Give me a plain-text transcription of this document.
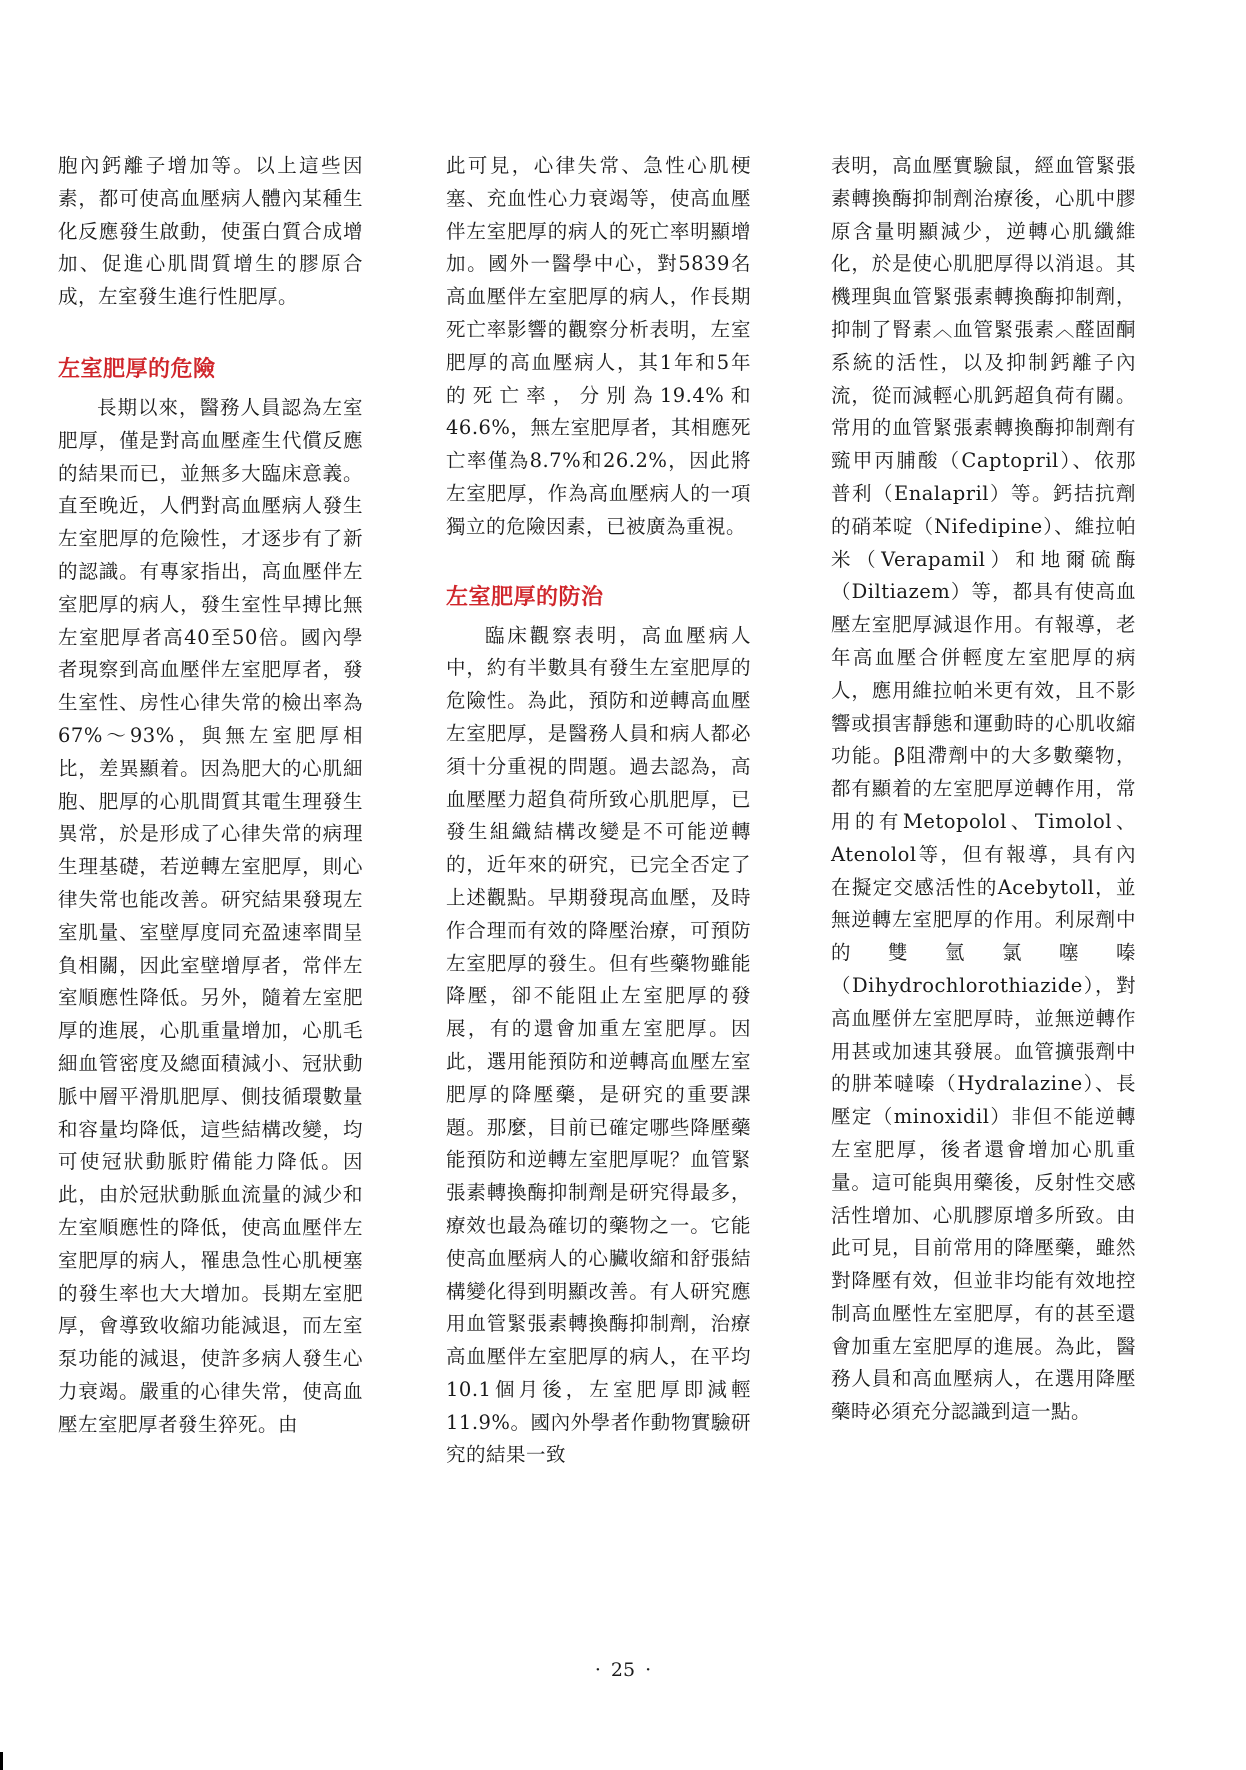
胞內鈣離子增加等。以上這些因素，都可使高血壓病人體內某種生化反應發生啟動，使蛋白質合成增加、促進心肌間質增生的膠原合成，左室發生進行性肥厚。

左室肥厚的危險

長期以來，醫務人員認為左室肥厚，僅是對高血壓產生代償反應的結果而已，並無多大臨床意義。直至晚近，人們對高血壓病人發生左室肥厚的危險性，才逐步有了新的認識。有專家指出，高血壓伴左室肥厚的病人，發生室性早搏比無左室肥厚者高40至50倍。國內學者現察到高血壓伴左室肥厚者，發生室性、房性心律失常的檢出率為67%～93%，與無左室肥厚相比，差異顯着。因為肥大的心肌細胞、肥厚的心肌間質其電生理發生異常，於是形成了心律失常的病理生理基礎，若逆轉左室肥厚，則心律失常也能改善。研究結果發現左室肌量、室壁厚度同充盈速率間呈負相關，因此室壁增厚者，常伴左室順應性降低。另外，隨着左室肥厚的進展，心肌重量增加，心肌毛細血管密度及總面積減小、冠狀動脈中層平滑肌肥厚、側技循環數量和容量均降低，這些結構改變，均可使冠狀動脈貯備能力降低。因此，由於冠狀動脈血流量的減少和左室順應性的降低，使高血壓伴左室肥厚的病人，罹患急性心肌梗塞的發生率也大大增加。長期左室肥厚，會導致收縮功能減退，而左室泵功能的減退，使許多病人發生心力衰竭。嚴重的心律失常，使高血壓左室肥厚者發生猝死。由

此可見，心律失常、急性心肌梗塞、充血性心力衰竭等，使高血壓伴左室肥厚的病人的死亡率明顯增加。國外一醫學中心，對5839名高血壓伴左室肥厚的病人，作長期死亡率影響的觀察分析表明，左室肥厚的高血壓病人，其1年和5年的死亡率，分別為19.4%和46.6%，無左室肥厚者，其相應死亡率僅為8.7%和26.2%，因此將左室肥厚，作為高血壓病人的一項獨立的危險因素，已被廣為重視。

左室肥厚的防治

臨床觀察表明，高血壓病人中，約有半數具有發生左室肥厚的危險性。為此，預防和逆轉高血壓左室肥厚，是醫務人員和病人都必須十分重視的問題。過去認為，高血壓壓力超負荷所致心肌肥厚，已發生組織結構改變是不可能逆轉的，近年來的研究，已完全否定了上述觀點。早期發現高血壓，及時作合理而有效的降壓治療，可預防左室肥厚的發生。但有些藥物雖能降壓，卻不能阻止左室肥厚的發展，有的還會加重左室肥厚。因此，選用能預防和逆轉高血壓左室肥厚的降壓藥，是研究的重要課題。那麼，目前已確定哪些降壓藥能預防和逆轉左室肥厚呢？血管緊張素轉換酶抑制劑是研究得最多，療效也最為確切的藥物之一。它能使高血壓病人的心臟收縮和舒張結構變化得到明顯改善。有人研究應用血管緊張素轉換酶抑制劑，治療高血壓伴左室肥厚的病人，在平均10.1個月後，左室肥厚即減輕11.9%。國內外學者作動物實驗研究的結果一致

表明，高血壓實驗鼠，經血管緊張素轉換酶抑制劑治療後，心肌中膠原含量明顯減少，逆轉心肌纖維化，於是使心肌肥厚得以消退。其機理與血管緊張素轉換酶抑制劑，抑制了腎素︿血管緊張素︿醛固酮系統的活性，以及抑制鈣離子內流，從而減輕心肌鈣超負荷有關。常用的血管緊張素轉換酶抑制劑有巰甲丙脯酸（Captopril）、依那普利（Enalapril）等。鈣拮抗劑的硝苯啶（Nifedipine）、維拉帕米（Verapamil）和地爾硫酶（Diltiazem）等，都具有使高血壓左室肥厚減退作用。有報導，老年高血壓合併輕度左室肥厚的病人，應用維拉帕米更有效，且不影響或損害靜態和運動時的心肌收縮功能。β阻滯劑中的大多數藥物，都有顯着的左室肥厚逆轉作用，常用的有Metopolol、Timolol、Atenolol等，但有報導，具有內在擬定交感活性的Acebytoll，並無逆轉左室肥厚的作用。利尿劑中的雙氫氯噻嗪（Dihydrochlorothiazide），對高血壓併左室肥厚時，並無逆轉作用甚或加速其發展。血管擴張劑中的肼苯噠嗪（Hydralazine）、長壓定（minoxidil）非但不能逆轉左室肥厚，後者還會增加心肌重量。這可能與用藥後，反射性交感活性增加、心肌膠原增多所致。由此可見，目前常用的降壓藥，雖然對降壓有效，但並非均能有效地控制高血壓性左室肥厚，有的甚至還會加重左室肥厚的進展。為此，醫務人員和高血壓病人，在選用降壓藥時必須充分認識到這一點。

· 25 ·
